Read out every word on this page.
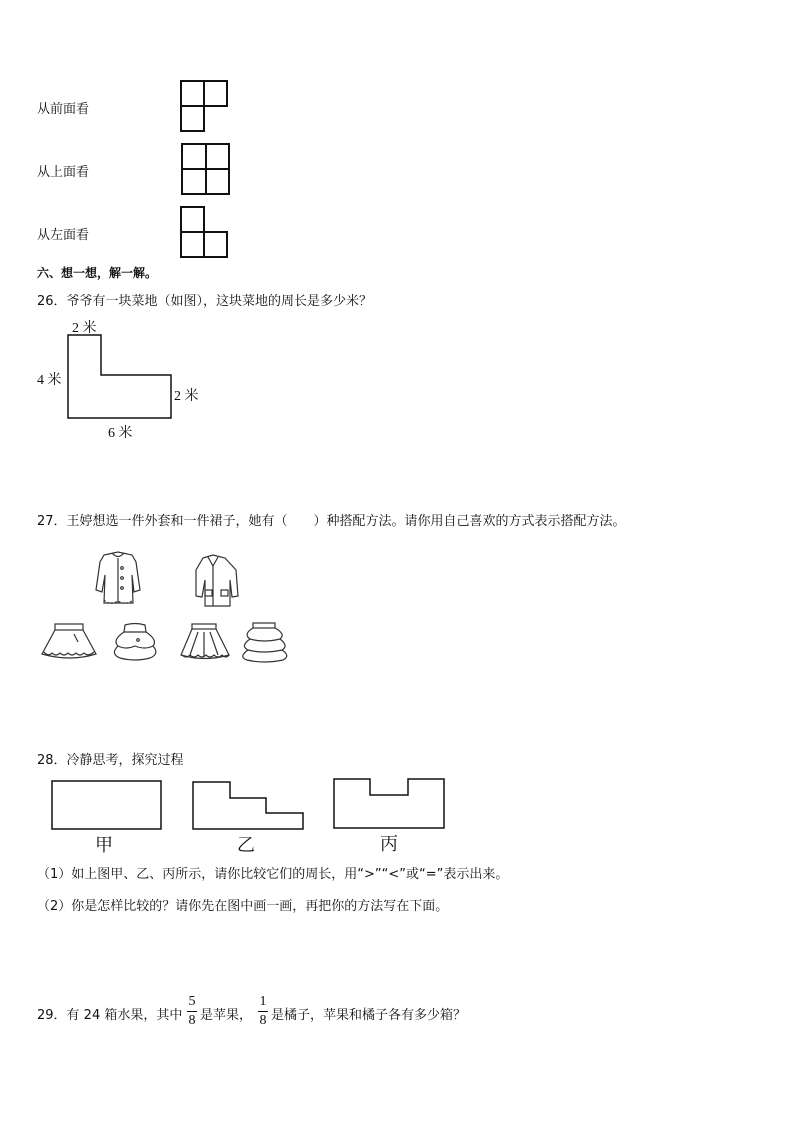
从前面看
从上面看
从左面看
六、想一想，解一解。
26．爷爷有一块菜地（如图），这块菜地的周长是多少米？
2 米
4 米
2 米
6 米
27．王婷想选一件外套和一件裙子，她有（　　）种搭配方法。请你用自己喜欢的方式表示搭配方法。
28．冷静思考，探究过程
甲	乙	丙
（1）如上图甲、乙、丙所示，请你比较它们的周长，用“>”“<”或“=”表示出来。
（2）你是怎样比较的？请你先在图中画一画，再把你的方法写在下面。
29．有 24 箱水果，其中
5
8 是苹果，
1
8 是橘子，苹果和橘子各有多少箱？
